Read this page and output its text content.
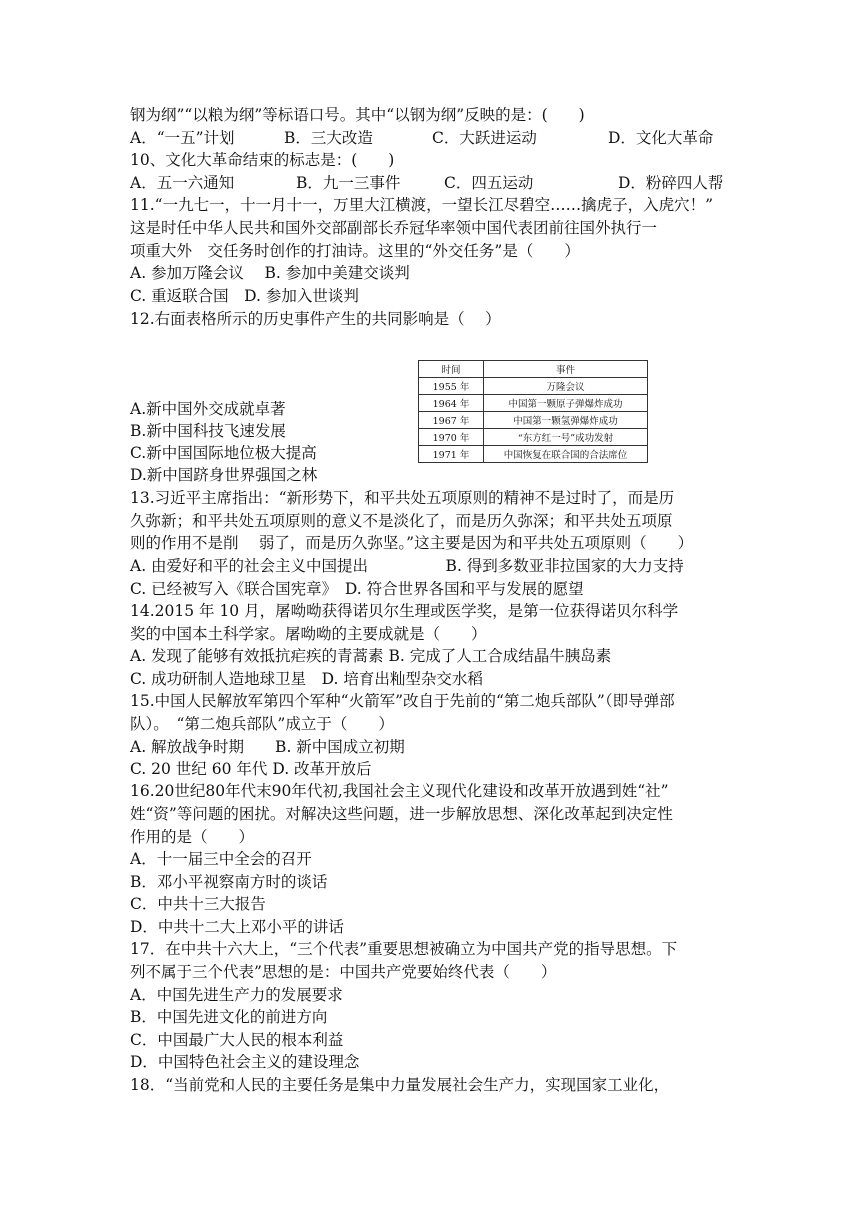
钢为纲”“以粮为纲”等标语口号。其中“以钢为纲”反映的是：(　　)
A．“一五”计划	B．三大改造	C．大跃进运动	D．文化大革命
10、文化大革命结束的标志是：(　　)
A．五一六通知	B．九一三事件	C．四五运动	D．粉碎四人帮
11.“一九七一，十一月十一，万里大江横渡，一望长江尽碧空……擒虎子，入虎穴！”
这是时任中华人民共和国外交部副部长乔冠华率领中国代表团前往国外执行一
项重大外　交任务时创作的打油诗。这里的“外交任务”是（　　）
A. 参加万隆会议　 B. 参加中美建交谈判
C. 重返联合国　D. 参加入世谈判
12.右面表格所示的历史事件产生的共同影响是（　 ）
时间	事件
1955 年	万隆会议
1964 年	中国第一颗原子弹爆炸成功
1967 年	中国第一颗氢弹爆炸成功
1970 年	“东方红一号”成功发射
1971 年	中国恢复在联合国的合法席位
A.新中国外交成就卓著
B.新中国科技飞速发展
C.新中国国际地位极大提高
D.新中国跻身世界强国之林
13.习近平主席指出：“新形势下，和平共处五项原则的精神不是过时了，而是历
久弥新；和平共处五项原则的意义不是淡化了，而是历久弥深；和平共处五项原
则的作用不是削　 弱了，而是历久弥坚。”这主要是因为和平共处五项原则（　　）
A. 由爱好和平的社会主义中国提出　　　　　B. 得到多数亚非拉国家的大力支持
C. 已经被写入《联合国宪章》　D. 符合世界各国和平与发展的愿望
14.2015 年 10 月，屠呦呦获得诺贝尔生理或医学奖，是第一位获得诺贝尔科学
奖的中国本土科学家。屠呦呦的主要成就是（　　）
A. 发现了能够有效抵抗疟疾的青蒿素 B. 完成了人工合成结晶牛胰岛素
C. 成功研制人造地球卫星　D. 培育出籼型杂交水稻
15.中国人民解放军第四个军种“火箭军”改自于先前的“第二炮兵部队”（即导弹部
队）。　“第二炮兵部队”成立于（　　）
A. 解放战争时期　　B. 新中国成立初期
C. 20 世纪 60 年代 D. 改革开放后
16.20世纪80年代末90年代初,我国社会主义现代化建设和改革开放遇到姓“社”
姓“资”等问题的困扰。对解决这些问题，进一步解放思想、深化改革起到决定性
作用的是（　　）
A．十一届三中全会的召开
B．邓小平视察南方时的谈话
C．中共十三大报告
D．中共十二大上邓小平的讲话
17．在中共十六大上，“三个代表”重要思想被确立为中国共产党的指导思想。下
列不属于三个代表”思想的是：中国共产党要始终代表（　　）
A．中国先进生产力的发展要求
B．中国先进文化的前进方向
C．中国最广大人民的根本利益
D．中国特色社会主义的建设理念
18．“当前党和人民的主要任务是集中力量发展社会生产力，实现国家工业化，
